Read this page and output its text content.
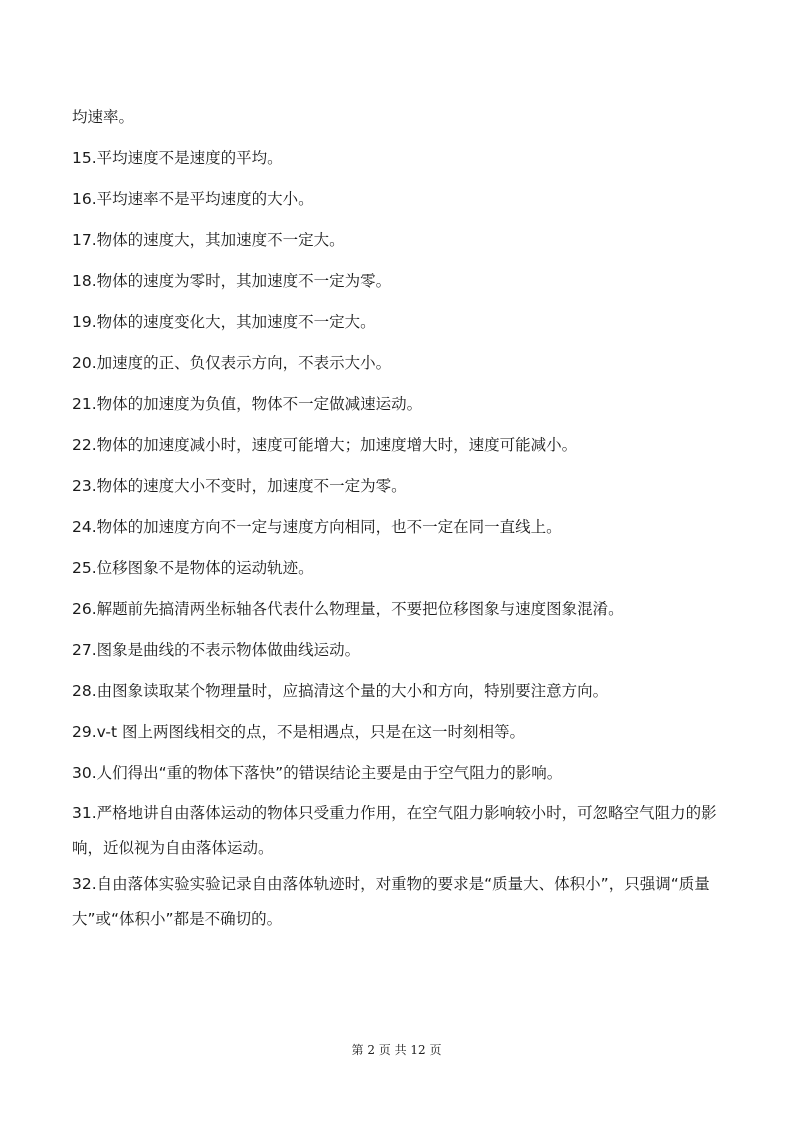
均速率。

15.平均速度不是速度的平均。

16.平均速率不是平均速度的大小。

17.物体的速度大，其加速度不一定大。

18.物体的速度为零时，其加速度不一定为零。

19.物体的速度变化大，其加速度不一定大。

20.加速度的正、负仅表示方向，不表示大小。

21.物体的加速度为负值，物体不一定做减速运动。

22.物体的加速度减小时，速度可能增大；加速度增大时，速度可能减小。

23.物体的速度大小不变时，加速度不一定为零。

24.物体的加速度方向不一定与速度方向相同，也不一定在同一直线上。

25.位移图象不是物体的运动轨迹。

26.解题前先搞清两坐标轴各代表什么物理量，不要把位移图象与速度图象混淆。

27.图象是曲线的不表示物体做曲线运动。

28.由图象读取某个物理量时，应搞清这个量的大小和方向，特别要注意方向。

29.v-t 图上两图线相交的点，不是相遇点，只是在这一时刻相等。

30.人们得出“重的物体下落快”的错误结论主要是由于空气阻力的影响。

31.严格地讲自由落体运动的物体只受重力作用，在空气阻力影响较小时，可忽略空气阻力的影响，近似视为自由落体运动。

32.自由落体实验实验记录自由落体轨迹时，对重物的要求是“质量大、体积小”，只强调“质量大”或“体积小”都是不确切的。

第 2 页 共 12 页
